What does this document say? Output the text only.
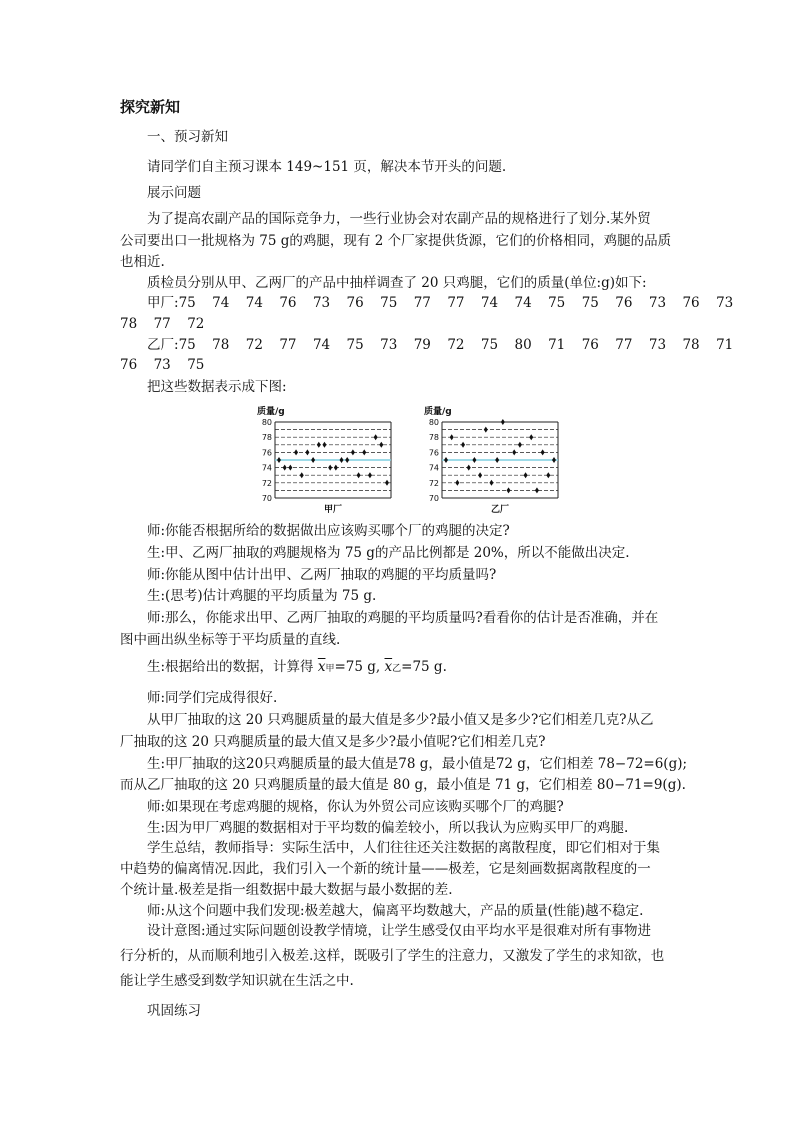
探究新知
一、预习新知
请同学们自主预习课本 149~151 页，解决本节开头的问题.
展示问题
为了提高农副产品的国际竞争力，一些行业协会对农副产品的规格进行了划分.某外贸
公司要出口一批规格为 75 g的鸡腿，现有 2 个厂家提供货源，它们的价格相同，鸡腿的品质
也相近.
质检员分别从甲、乙两厂的产品中抽样调查了 20 只鸡腿，它们的质量(单位:g)如下:
甲厂:75 74 74 76 73 76 75 77 77 74 74 75 75 76 73 76 73
78 77 72
乙厂:75 78 72 77 74 75 73 79 72 75 80 71 76 77 73 78 71
76 73 75
把这些数据表示成下图:
质量/g
70
72
74
76
78
80
甲厂
质量/g
70
72
74
76
78
80
乙厂
师:你能否根据所给的数据做出应该购买哪个厂的鸡腿的决定?
生:甲、乙两厂抽取的鸡腿规格为 75 g的产品比例都是 20%，所以不能做出决定.
师:你能从图中估计出甲、乙两厂抽取的鸡腿的平均质量吗?
生:(思考)估计鸡腿的平均质量为 75 g.
师:那么，你能求出甲、乙两厂抽取的鸡腿的平均质量吗?看看你的估计是否准确，并在
图中画出纵坐标等于平均质量的直线.
生:根据给出的数据，计算得 $\overline{x}$甲=75 g, $\overline{x}$乙=75 g.
师:同学们完成得很好.
从甲厂抽取的这 20 只鸡腿质量的最大值是多少?最小值又是多少?它们相差几克?从乙
厂抽取的这 20 只鸡腿质量的最大值又是多少?最小值呢?它们相差几克?
生:甲厂抽取的这20只鸡腿质量的最大值是78 g，最小值是72 g，它们相差 78−72=6(g);
而从乙厂抽取的这 20 只鸡腿质量的最大值是 80 g，最小值是 71 g，它们相差 80−71=9(g).
师:如果现在考虑鸡腿的规格，你认为外贸公司应该购买哪个厂的鸡腿?
生:因为甲厂鸡腿的数据相对于平均数的偏差较小，所以我认为应购买甲厂的鸡腿.
学生总结，教师指导：实际生活中，人们往往还关注数据的离散程度，即它们相对于集
中趋势的偏离情况.因此，我们引入一个新的统计量——极差，它是刻画数据离散程度的一
个统计量.极差是指一组数据中最大数据与最小数据的差.
师:从这个问题中我们发现:极差越大，偏离平均数越大，产品的质量(性能)越不稳定.
设计意图:通过实际问题创设教学情境，让学生感受仅由平均水平是很难对所有事物进
行分析的，从而顺利地引入极差.这样，既吸引了学生的注意力，又激发了学生的求知欲，也
能让学生感受到数学知识就在生活之中.
巩固练习
